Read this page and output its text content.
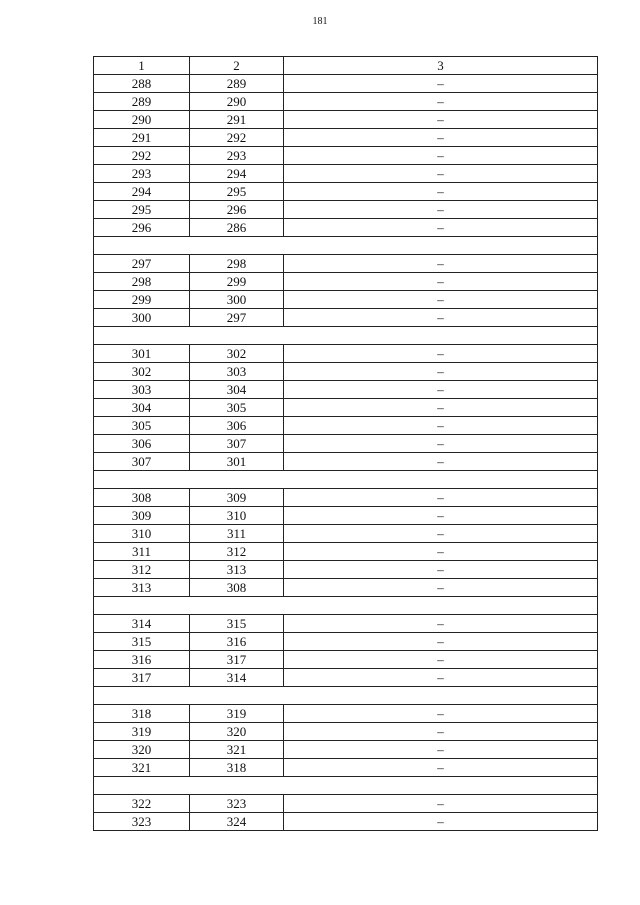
181
1	2	3
288	289	–
289	290	–
290	291	–
291	292	–
292	293	–
293	294	–
294	295	–
295	296	–
296	286	–

297	298	–
298	299	–
299	300	–
300	297	–

301	302	–
302	303	–
303	304	–
304	305	–
305	306	–
306	307	–
307	301	–

308	309	–
309	310	–
310	311	–
311	312	–
312	313	–
313	308	–

314	315	–
315	316	–
316	317	–
317	314	–

318	319	–
319	320	–
320	321	–
321	318	–

322	323	–
323	324	–
